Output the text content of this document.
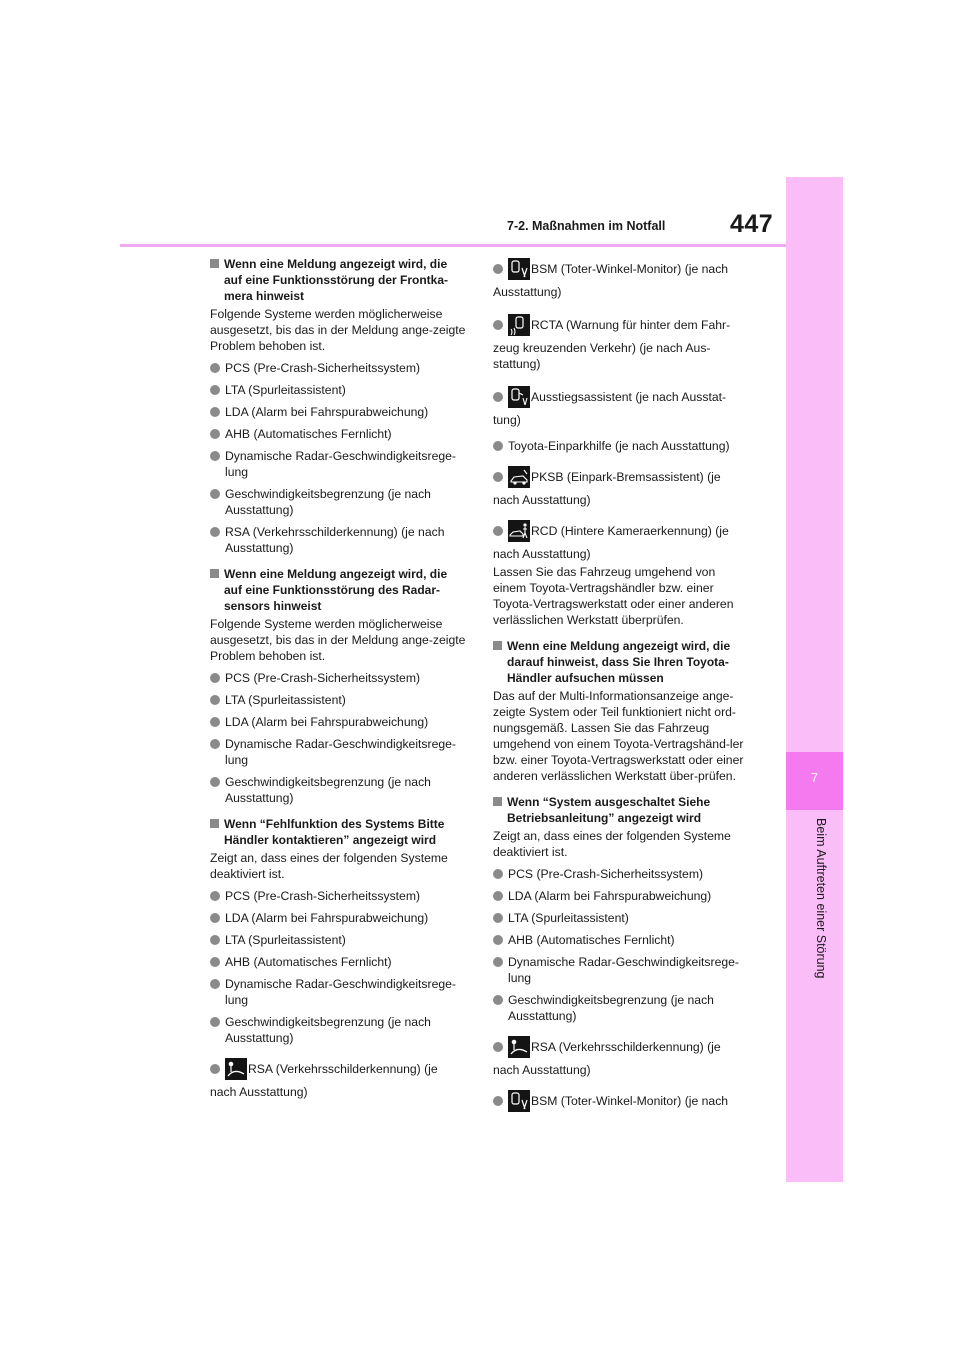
7-2. Maßnahmen im Notfall	447
7
Beim Auftreten einer Störung
Wenn eine Meldung angezeigt wird, die auf eine Funktionsstörung der Frontka-mera hinweist
Folgende Systeme werden möglicherweise ausgesetzt, bis das in der Meldung ange-zeigte Problem behoben ist.
PCS (Pre-Crash-Sicherheitssystem)
LTA (Spurleitassistent)
LDA (Alarm bei Fahrspurabweichung)
AHB (Automatisches Fernlicht)
Dynamische Radar-Geschwindigkeitsrege-lung
Geschwindigkeitsbegrenzung (je nach Ausstattung)
RSA (Verkehrsschilderkennung) (je nach Ausstattung)
Wenn eine Meldung angezeigt wird, die auf eine Funktionsstörung des Radar-sensors hinweist
Folgende Systeme werden möglicherweise ausgesetzt, bis das in der Meldung ange-zeigte Problem behoben ist.
PCS (Pre-Crash-Sicherheitssystem)
LTA (Spurleitassistent)
LDA (Alarm bei Fahrspurabweichung)
Dynamische Radar-Geschwindigkeitsrege-lung
Geschwindigkeitsbegrenzung (je nach Ausstattung)
Wenn “Fehlfunktion des Systems Bitte Händler kontaktieren” angezeigt wird
Zeigt an, dass eines der folgenden Systeme deaktiviert ist.
PCS (Pre-Crash-Sicherheitssystem)
LDA (Alarm bei Fahrspurabweichung)
LTA (Spurleitassistent)
AHB (Automatisches Fernlicht)
Dynamische Radar-Geschwindigkeitsrege-lung
Geschwindigkeitsbegrenzung (je nach Ausstattung)
RSA (Verkehrsschilderkennung) (je
nach Ausstattung)
BSM (Toter-Winkel-Monitor) (je nach
Ausstattung)
RCTA (Warnung für hinter dem Fahr-
zeug kreuzenden Verkehr) (je nach Aus-stattung)
Ausstiegsassistent (je nach Ausstat-
tung)
Toyota-Einparkhilfe (je nach Ausstattung)
PKSB (Einpark-Bremsassistent) (je
nach Ausstattung)
RCD (Hintere Kameraerkennung) (je
nach Ausstattung)
Lassen Sie das Fahrzeug umgehend von einem Toyota-Vertragshändler bzw. einer Toyota-Vertragswerkstatt oder einer anderen verlässlichen Werkstatt überprüfen.
Wenn eine Meldung angezeigt wird, die darauf hinweist, dass Sie Ihren Toyota-Händler aufsuchen müssen
Das auf der Multi-Informationsanzeige ange-zeigte System oder Teil funktioniert nicht ord-nungsgemäß. Lassen Sie das Fahrzeug umgehend von einem Toyota-Vertragshänd-ler bzw. einer Toyota-Vertragswerkstatt oder einer anderen verlässlichen Werkstatt über-prüfen.
Wenn “System ausgeschaltet Siehe Betriebsanleitung” angezeigt wird
Zeigt an, dass eines der folgenden Systeme deaktiviert ist.
PCS (Pre-Crash-Sicherheitssystem)
LDA (Alarm bei Fahrspurabweichung)
LTA (Spurleitassistent)
AHB (Automatisches Fernlicht)
Dynamische Radar-Geschwindigkeitsrege-lung
Geschwindigkeitsbegrenzung (je nach Ausstattung)
RSA (Verkehrsschilderkennung) (je
nach Ausstattung)
BSM (Toter-Winkel-Monitor) (je nach
